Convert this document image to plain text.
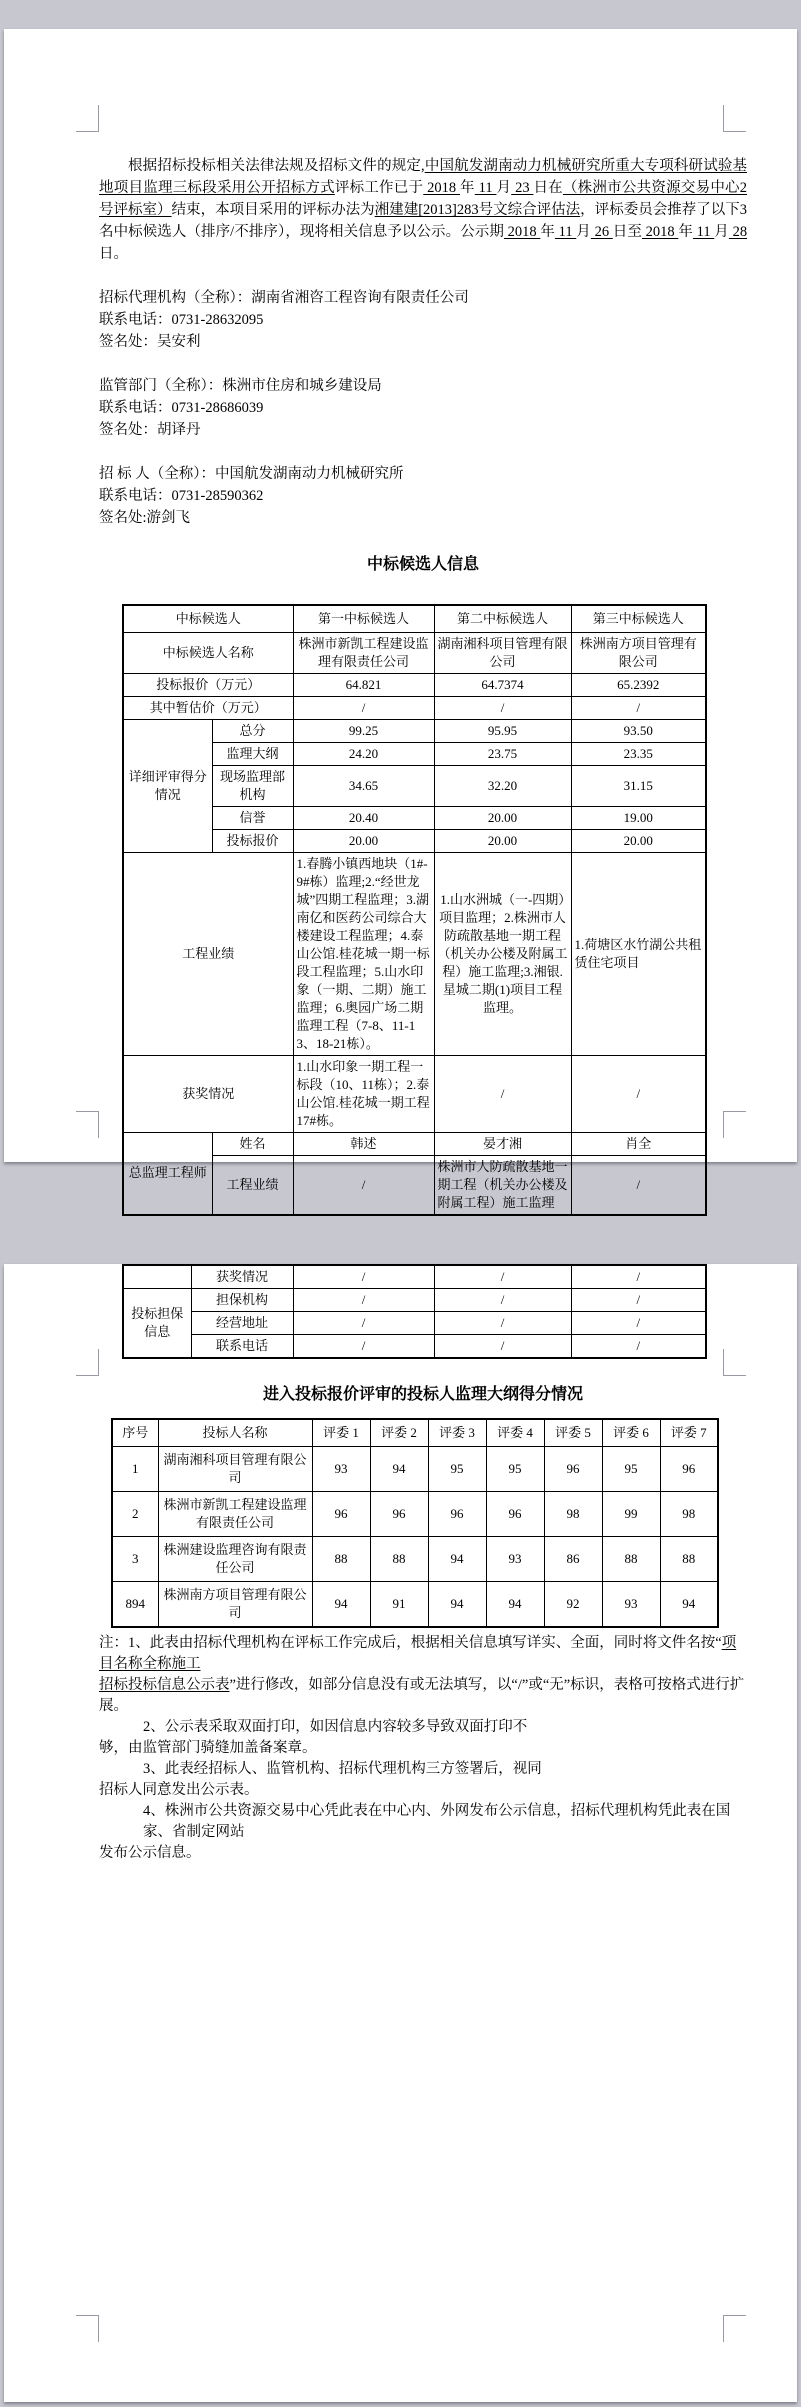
根据招标投标相关法律法规及招标文件的规定,中国航发湖南动力机械研究所重大专项科研试验基地项目监理三标段采用公开招标方式评标工作已于 2018 年 11 月 23 日在（株洲市公共资源交易中心2号评标室）结束，本项目采用的评标办法为湘建建[2013]283号文综合评估法，评标委员会推荐了以下3名中标候选人（排序/不排序），现将相关信息予以公示。公示期 2018 年 11 月 26 日至 2018 年 11 月 28 日。

招标代理机构（全称）：湖南省湘咨工程咨询有限责任公司
联系电话：0731-28632095
签名处：吴安利
监管部门（全称）：株洲市住房和城乡建设局
联系电话：0731-28686039
签名处：胡译丹
招 标 人（全称）：中国航发湖南动力机械研究所
联系电话：0731-28590362
签名处:游剑飞
中标候选人信息
中标候选人		第一中标候选人	第二中标候选人	第三中标候选人
中标候选人名称		株洲市新凯工程建设监理有限责任公司	湖南湘科项目管理有限公司	株洲南方项目管理有限公司
投标报价（万元）		64.821	64.7374	65.2392
其中暂估价（万元）		/	/	/
详细评审得分情况	总分	99.25	95.95	93.50
	监理大纲	24.20	23.75	23.35
	现场监理部机构	34.65	32.20	31.15
	信誉	20.40	20.00	19.00
	投标报价	20.00	20.00	20.00
工程业绩		1.春腾小镇西地块（1#-9#栋）监理;2.“经世龙城”四期工程监理；3.湖南亿和医药公司综合大楼建设工程监理；4.泰山公馆.桂花城一期一标段工程监理；5.山水印象（一期、二期）施工监理；6.奥园广场二期监理工程（7-8、11-13、18-21栋）。	1.山水洲城（一-四期）项目监理；2.株洲市人防疏散基地一期工程（机关办公楼及附属工程）施工监理;3.湘银.星城二期(1)项目工程监理。	1.荷塘区水竹湖公共租赁住宅项目
获奖情况		1.山水印象一期工程一标段（10、11栋）；2.泰山公馆.桂花城一期工程17#栋。	/	/
总监理工程师	姓名	韩述	晏才湘	肖全
	工程业绩	/	株洲市人防疏散基地一期工程（机关办公楼及附属工程）施工监理	/
	获奖情况	/	/	/
投标担保信息	担保机构	/	/	/
	经营地址	/	/	/
	联系电话	/	/	/
进入投标报价评审的投标人监理大纲得分情况
序号	投标人名称	评委 1	评委 2	评委 3	评委 4	评委 5	评委 6	评委 7
1	湖南湘科项目管理有限公司	93	94	95	95	96	95	96
2	株洲市新凯工程建设监理有限责任公司	96	96	96	96	98	99	98
3	株洲建设监理咨询有限责任公司	88	88	94	93	86	88	88
894	株洲南方项目管理有限公司	94	91	94	94	92	93	94
注：1、此表由招标代理机构在评标工作完成后，根据相关信息填写详实、全面，同时将文件名按“项目名称全称施工
招标投标信息公示表”进行修改，如部分信息没有或无法填写，以“/”或“无”标识，表格可按格式进行扩展。
2、公示表采取双面打印，如因信息内容较多导致双面打印不
够，由监管部门骑缝加盖备案章。
3、此表经招标人、监管机构、招标代理机构三方签署后，视同
招标人同意发出公示表。
4、株洲市公共资源交易中心凭此表在中心内、外网发布公示信息，招标代理机构凭此表在国家、省制定网站
发布公示信息。
